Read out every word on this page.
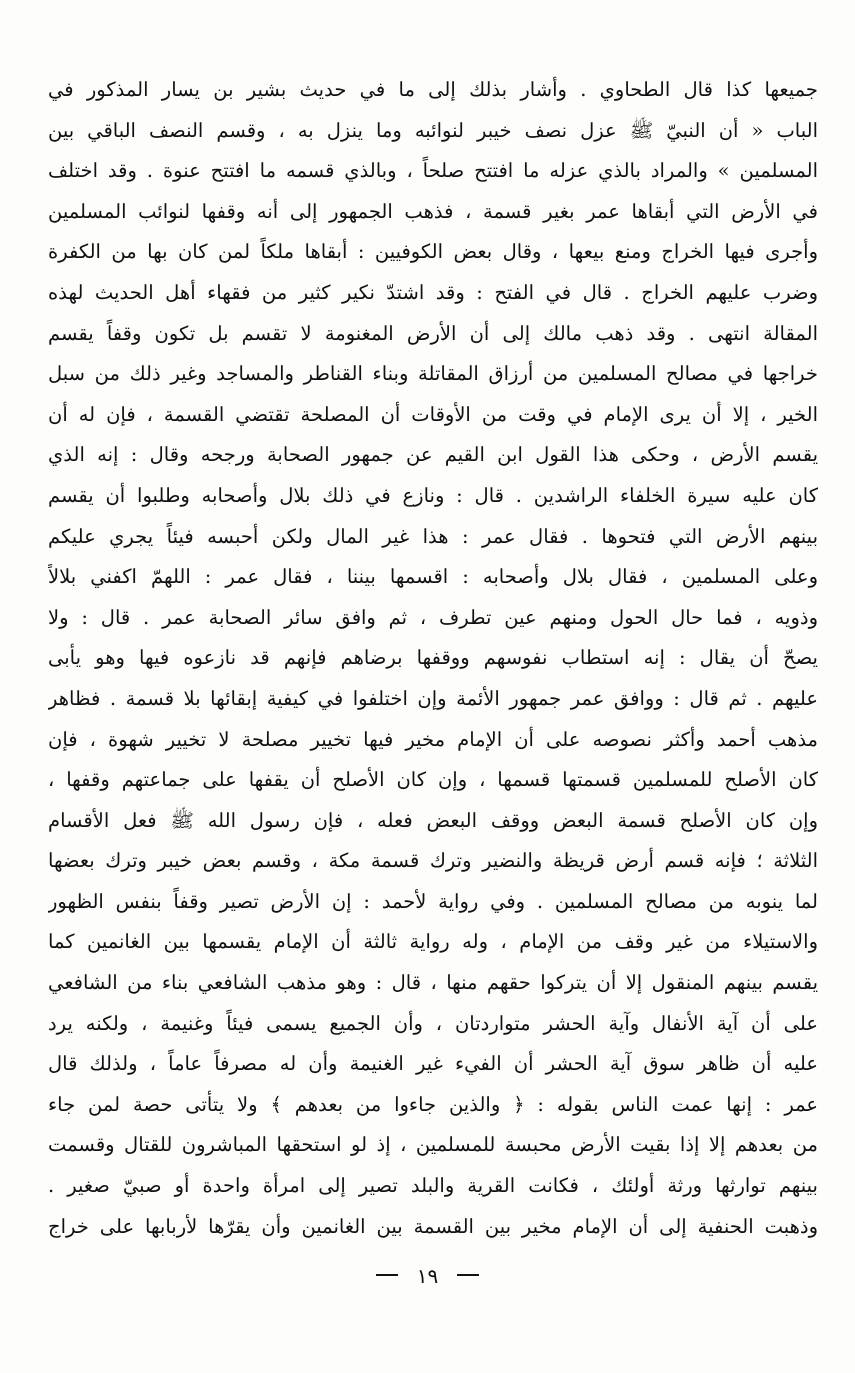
جميعها كذا قال الطحاوي . وأشار بذلك إلى ما في حديث بشير بن يسار المذكور في
الباب « أن النبيّ ﷺ عزل نصف خيبر لنوائبه وما ينزل به ، وقسم النصف الباقي بين
المسلمين » والمراد بالذي عزله ما افتتح صلحاً ، وبالذي قسمه ما افتتح عنوة . وقد اختلف
في الأرض التي أبقاها عمر بغير قسمة ، فذهب الجمهور إلى أنه وقفها لنوائب المسلمين
وأجرى فيها الخراج ومنع بيعها ، وقال بعض الكوفيين : أبقاها ملكاً لمن كان بها من الكفرة
وضرب عليهم الخراج . قال في الفتح : وقد اشتدّ نكير كثير من فقهاء أهل الحديث لهذه
المقالة انتهى . وقد ذهب مالك إلى أن الأرض المغنومة لا تقسم بل تكون وقفاً يقسم
خراجها في مصالح المسلمين من أرزاق المقاتلة وبناء القناطر والمساجد وغير ذلك من سبل
الخير ، إلا أن يرى الإمام في وقت من الأوقات أن المصلحة تقتضي القسمة ، فإن له أن
يقسم الأرض ، وحكى هذا القول ابن القيم عن جمهور الصحابة ورجحه وقال : إنه الذي
كان عليه سيرة الخلفاء الراشدين . قال : ونازع في ذلك بلال وأصحابه وطلبوا أن يقسم
بينهم الأرض التي فتحوها . فقال عمر : هذا غير المال ولكن أحبسه فيئاً يجري عليكم
وعلى المسلمين ، فقال بلال وأصحابه : اقسمها بيننا ، فقال عمر : اللهمّ اكفني بلالاً
وذويه ، فما حال الحول ومنهم عين تطرف ، ثم وافق سائر الصحابة عمر . قال : ولا
يصحّ أن يقال : إنه استطاب نفوسهم ووقفها برضاهم فإنهم قد نازعوه فيها وهو يأبى
عليهم . ثم قال : ووافق عمر جمهور الأئمة وإن اختلفوا في كيفية إبقائها بلا قسمة . فظاهر
مذهب أحمد وأكثر نصوصه على أن الإمام مخير فيها تخيير مصلحة لا تخيير شهوة ، فإن
كان الأصلح للمسلمين قسمتها قسمها ، وإن كان الأصلح أن يقفها على جماعتهم وقفها ،
وإن كان الأصلح قسمة البعض ووقف البعض فعله ، فإن رسول الله ﷺ فعل الأقسام
الثلاثة ؛ فإنه قسم أرض قريظة والنضير وترك قسمة مكة ، وقسم بعض خيبر وترك بعضها
لما ينوبه من مصالح المسلمين . وفي رواية لأحمد : إن الأرض تصير وقفاً بنفس الظهور
والاستيلاء من غير وقف من الإمام ، وله رواية ثالثة أن الإمام يقسمها بين الغانمين كما
يقسم بينهم المنقول إلا أن يتركوا حقهم منها ، قال : وهو مذهب الشافعي بناء من الشافعي
على أن آية الأنفال وآية الحشر متواردتان ، وأن الجميع يسمى فيئاً وغنيمة ، ولكنه يرد
عليه أن ظاهر سوق آية الحشر أن الفيء غير الغنيمة وأن له مصرفاً عاماً ، ولذلك قال
عمر : إنها عمت الناس بقوله : ﴿ والذين جاءوا من بعدهم ﴾ ولا يتأتى حصة لمن جاء
من بعدهم إلا إذا بقيت الأرض محبسة للمسلمين ، إذ لو استحقها المباشرون للقتال وقسمت
بينهم توارثها ورثة أولئك ، فكانت القرية والبلد تصير إلى امرأة واحدة أو صبيّ صغير .
وذهبت الحنفية إلى أن الإمام مخير بين القسمة بين الغانمين وأن يقرّها لأربابها على خراج
١٩
